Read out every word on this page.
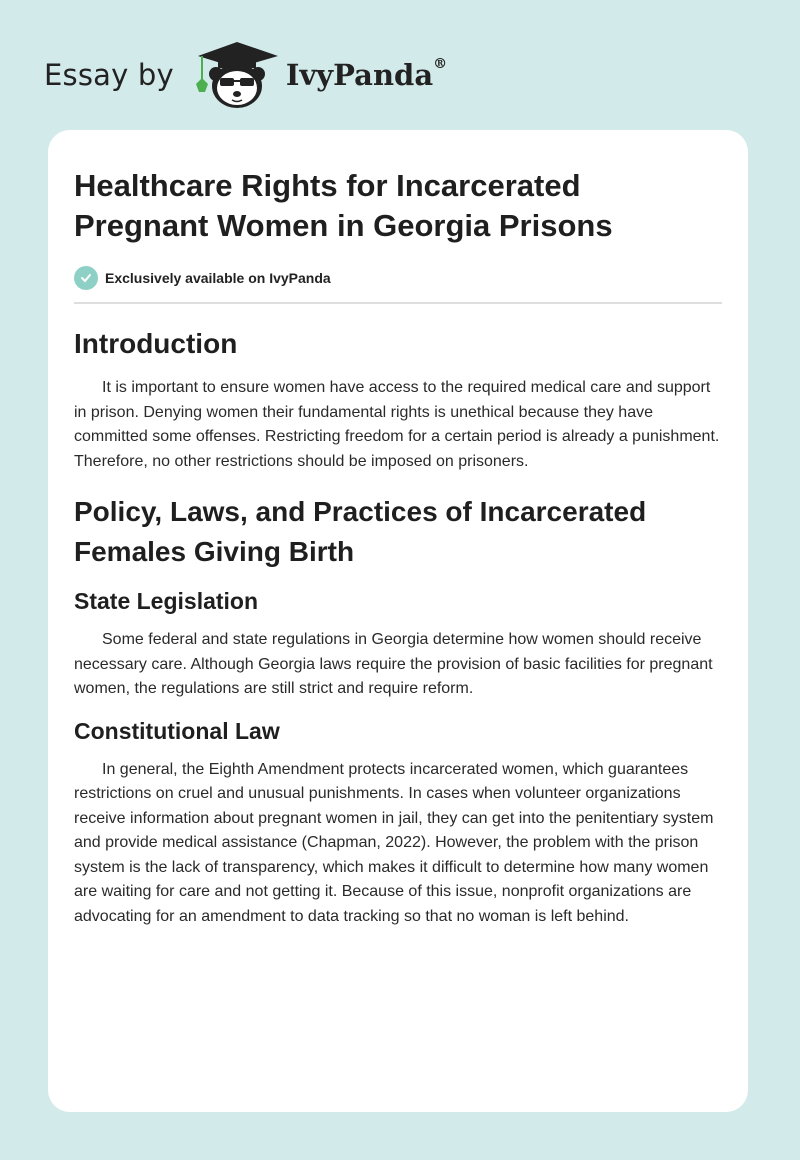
Essay by	IvyPanda®
Healthcare Rights for Incarcerated Pregnant Women in Georgia Prisons
Exclusively available on IvyPanda
Introduction

It is important to ensure women have access to the required medical care and support in prison. Denying women their fundamental rights is unethical because they have committed some offenses. Restricting freedom for a certain period is already a punishment. Therefore, no other restrictions should be imposed on prisoners.

Policy, Laws, and Practices of Incarcerated Females Giving Birth
State Legislation

Some federal and state regulations in Georgia determine how women should receive necessary care. Although Georgia laws require the provision of basic facilities for pregnant women, the regulations are still strict and require reform.

Constitutional Law

In general, the Eighth Amendment protects incarcerated women, which guarantees restrictions on cruel and unusual punishments. In cases when volunteer organizations receive information about pregnant women in jail, they can get into the penitentiary system and provide medical assistance (Chapman, 2022). However, the problem with the prison system is the lack of transparency, which makes it difficult to determine how many women are waiting for care and not getting it. Because of this issue, nonprofit organizations are advocating for an amendment to data tracking so that no woman is left behind.
